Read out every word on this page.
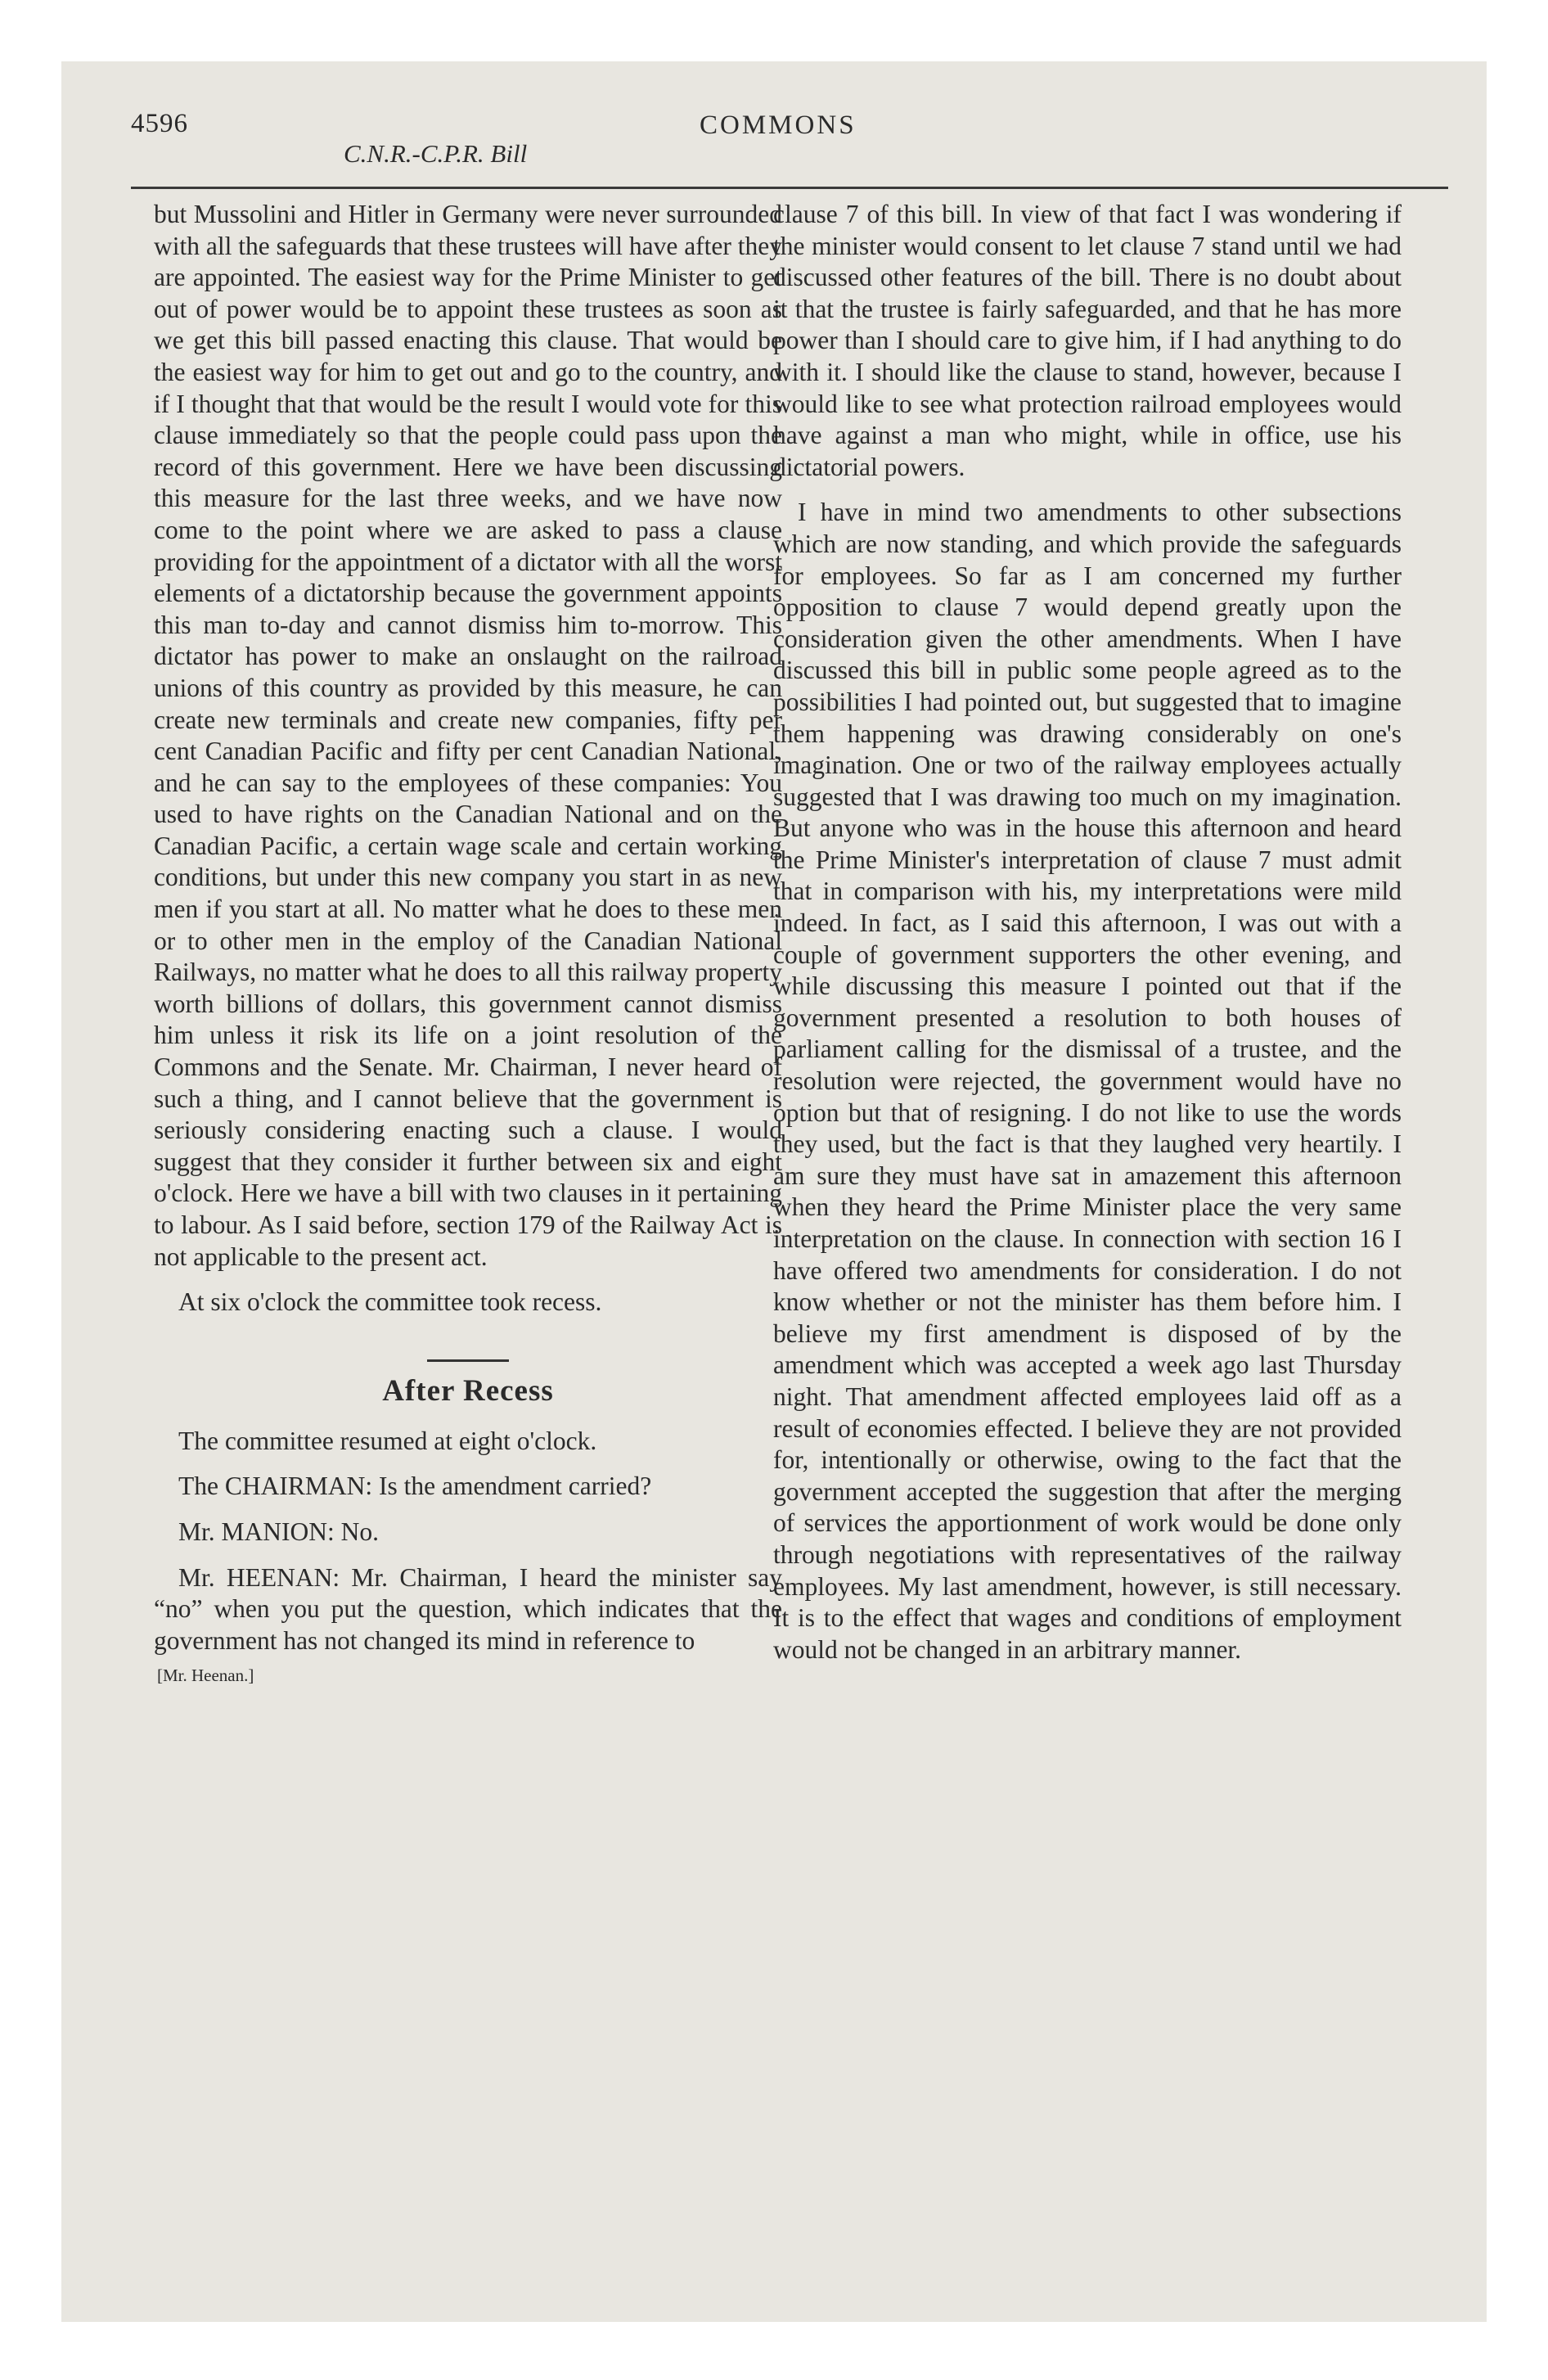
4596	COMMONS
C.N.R.-C.P.R. Bill

but Mussolini and Hitler in Germany were never surrounded with all the safeguards that these trustees will have after they are appointed. The easiest way for the Prime Minister to get out of power would be to appoint these trustees as soon as we get this bill passed enacting this clause. That would be the easiest way for him to get out and go to the country, and if I thought that that would be the result I would vote for this clause immediately so that the people could pass upon the record of this government. Here we have been discussing this measure for the last three weeks, and we have now come to the point where we are asked to pass a clause providing for the appointment of a dictator with all the worst elements of a dictatorship because the government appoints this man to-day and cannot dismiss him to-morrow. This dictator has power to make an onslaught on the railroad unions of this country as provided by this measure, he can create new terminals and create new companies, fifty per cent Canadian Pacific and fifty per cent Canadian National, and he can say to the employees of these companies: You used to have rights on the Canadian National and on the Canadian Pacific, a certain wage scale and certain working conditions, but under this new company you start in as new men if you start at all. No matter what he does to these men or to other men in the employ of the Canadian National Railways, no matter what he does to all this railway property worth billions of dollars, this government cannot dismiss him unless it risk its life on a joint resolution of the Commons and the Senate. Mr. Chairman, I never heard of such a thing, and I cannot believe that the government is seriously considering enacting such a clause. I would suggest that they consider it further between six and eight o'clock. Here we have a bill with two clauses in it pertaining to labour. As I said before, section 179 of the Railway Act is not applicable to the present act.

At six o'clock the committee took recess.

After Recess

The committee resumed at eight o'clock.

The CHAIRMAN: Is the amendment carried?

Mr. MANION: No.

Mr. HEENAN: Mr. Chairman, I heard the minister say “no” when you put the question, which indicates that the government has not changed its mind in reference to

[Mr. Heenan.]

clause 7 of this bill. In view of that fact I was wondering if the minister would consent to let clause 7 stand until we had discussed other features of the bill. There is no doubt about it that the trustee is fairly safeguarded, and that he has more power than I should care to give him, if I had anything to do with it. I should like the clause to stand, however, because I would like to see what protection railroad employees would have against a man who might, while in office, use his dictatorial powers.

I have in mind two amendments to other subsections which are now standing, and which provide the safeguards for employees. So far as I am concerned my further opposition to clause 7 would depend greatly upon the consideration given the other amendments. When I have discussed this bill in public some people agreed as to the possibilities I had pointed out, but suggested that to imagine them happening was drawing considerably on one's imagination. One or two of the railway employees actually suggested that I was drawing too much on my imagination. But anyone who was in the house this afternoon and heard the Prime Minister's interpretation of clause 7 must admit that in comparison with his, my interpretations were mild indeed. In fact, as I said this afternoon, I was out with a couple of government supporters the other evening, and while discussing this measure I pointed out that if the government presented a resolution to both houses of parliament calling for the dismissal of a trustee, and the resolution were rejected, the government would have no option but that of resigning. I do not like to use the words they used, but the fact is that they laughed very heartily. I am sure they must have sat in amazement this afternoon when they heard the Prime Minister place the very same interpretation on the clause. In connection with section 16 I have offered two amendments for consideration. I do not know whether or not the minister has them before him. I believe my first amendment is disposed of by the amendment which was accepted a week ago last Thursday night. That amendment affected employees laid off as a result of economies effected. I believe they are not provided for, intentionally or otherwise, owing to the fact that the government accepted the suggestion that after the merging of services the apportionment of work would be done only through negotiations with representatives of the railway employees. My last amendment, however, is still necessary. It is to the effect that wages and conditions of employment would not be changed in an arbitrary manner.
